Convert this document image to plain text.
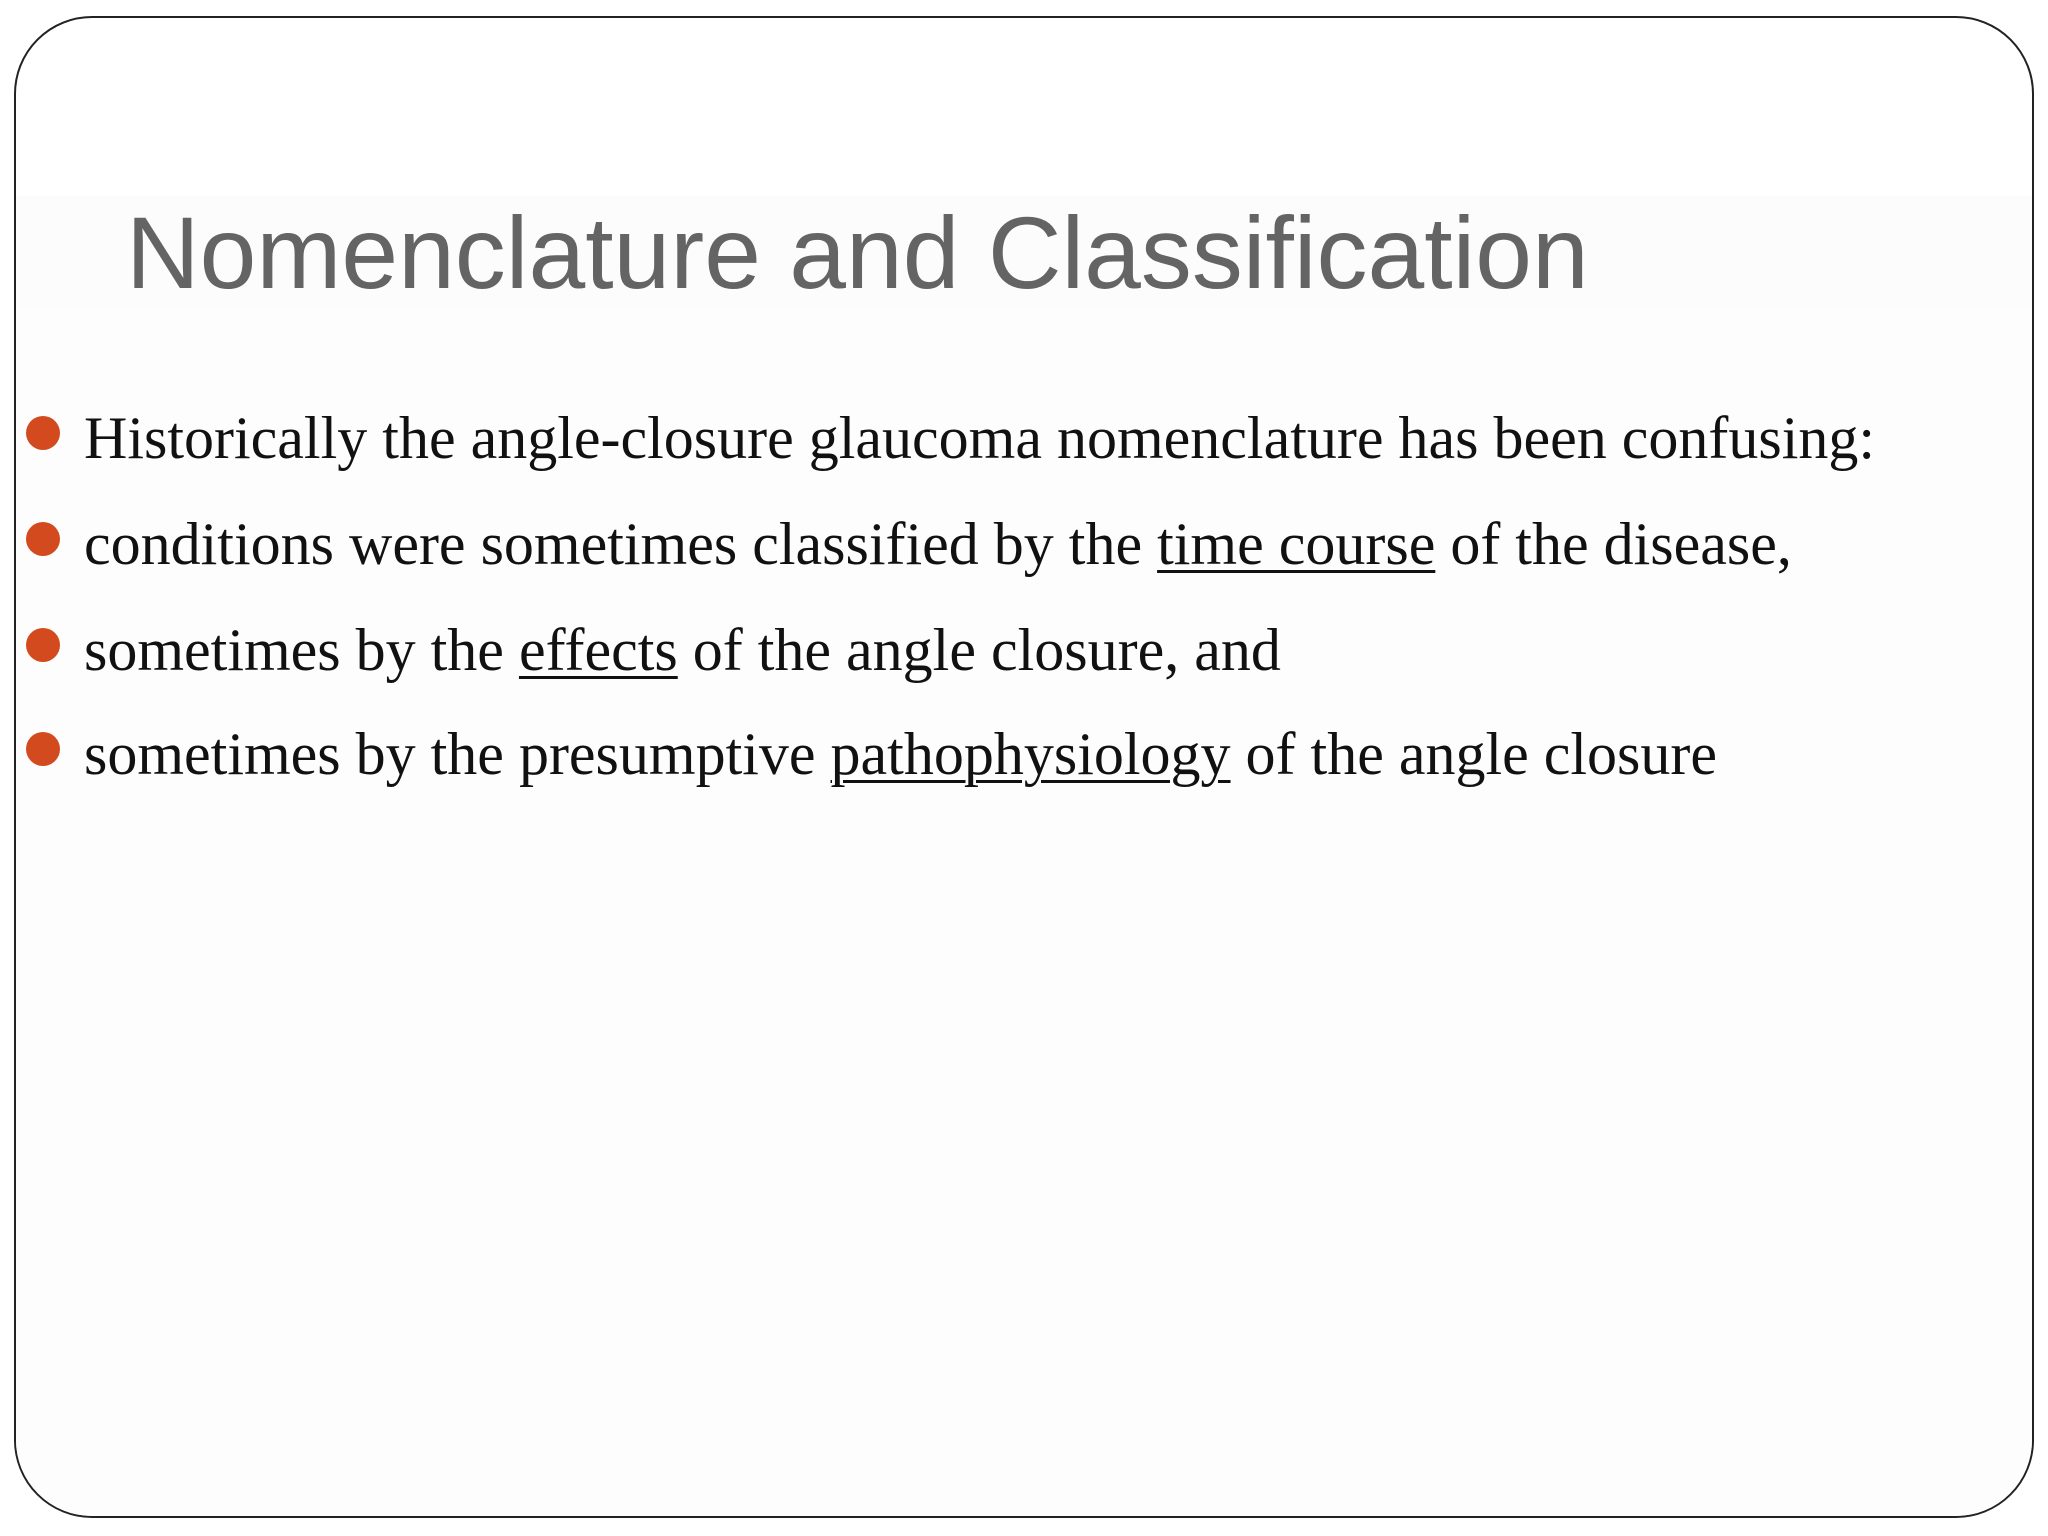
Nomenclature and Classification
Historically the angle-closure glaucoma nomenclature has been confusing:
conditions were sometimes classified by the time course of the disease,
sometimes by the effects of the angle closure, and
sometimes by the presumptive pathophysiology of the angle closure
